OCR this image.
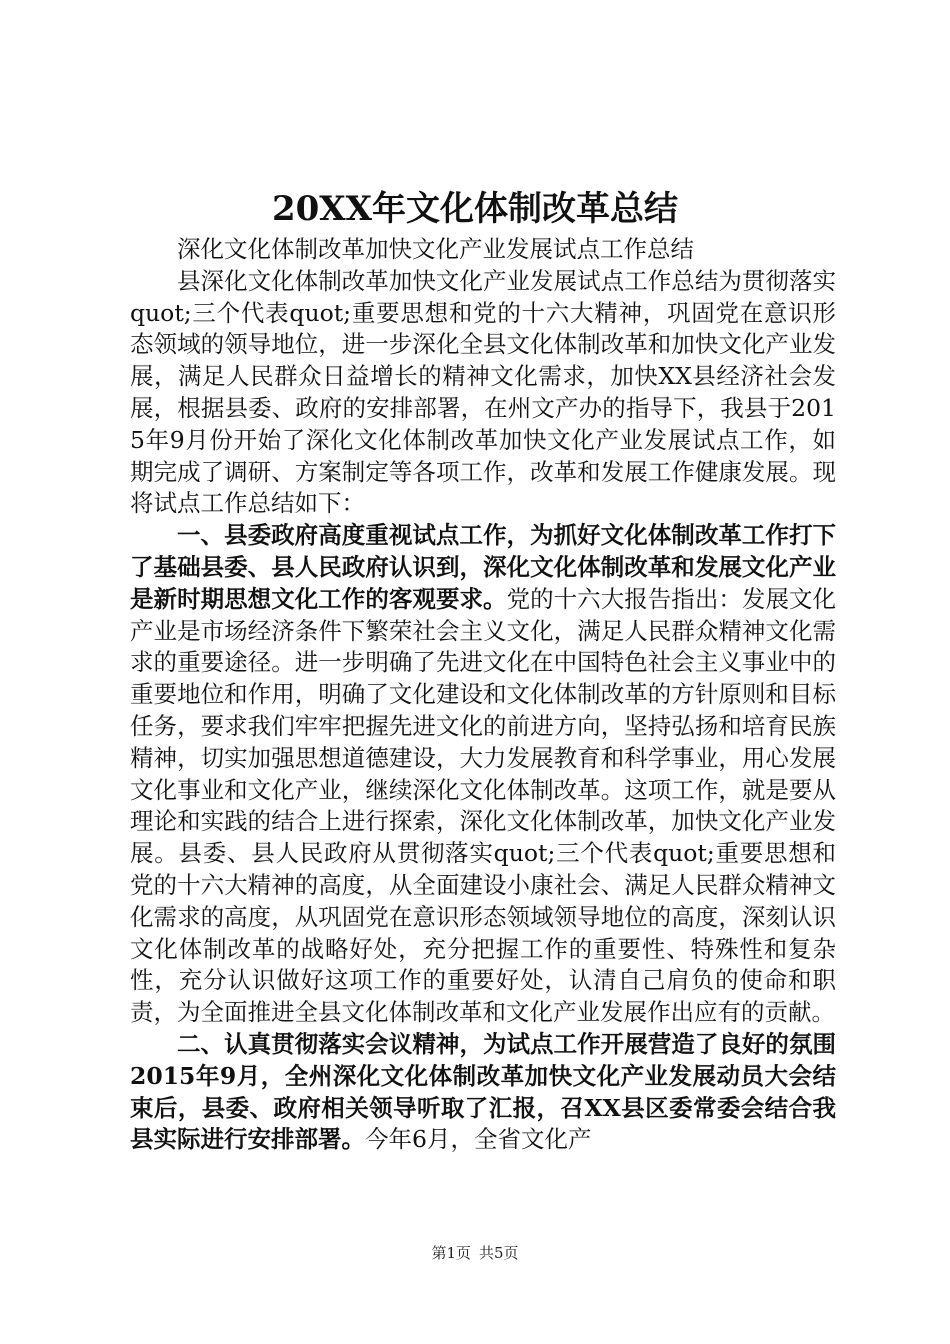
20XX年文化体制改革总结

深化文化体制改革加快文化产业发展试点工作总结

县深化文化体制改革加快文化产业发展试点工作总结为贯彻落实quot;三个代表quot;重要思想和党的十六大精神，巩固党在意识形态领域的领导地位，进一步深化全县文化体制改革和加快文化产业发展，满足人民群众日益增长的精神文化需求，加快XX县经济社会发展，根据县委、政府的安排部署，在州文产办的指导下，我县于2015年9月份开始了深化文化体制改革加快文化产业发展试点工作，如期完成了调研、方案制定等各项工作，改革和发展工作健康发展。现将试点工作总结如下：

一、县委政府高度重视试点工作，为抓好文化体制改革工作打下了基础县委、县人民政府认识到，深化文化体制改革和发展文化产业是新时期思想文化工作的客观要求。党的十六大报告指出：发展文化产业是市场经济条件下繁荣社会主义文化，满足人民群众精神文化需求的重要途径。进一步明确了先进文化在中国特色社会主义事业中的重要地位和作用，明确了文化建设和文化体制改革的方针原则和目标任务，要求我们牢牢把握先进文化的前进方向，坚持弘扬和培育民族精神，切实加强思想道德建设，大力发展教育和科学事业，用心发展文化事业和文化产业，继续深化文化体制改革。这项工作，就是要从理论和实践的结合上进行探索，深化文化体制改革，加快文化产业发展。县委、县人民政府从贯彻落实quot;三个代表quot;重要思想和党的十六大精神的高度，从全面建设小康社会、满足人民群众精神文化需求的高度，从巩固党在意识形态领域领导地位的高度，深刻认识文化体制改革的战略好处，充分把握工作的重要性、特殊性和复杂性，充分认识做好这项工作的重要好处，认清自己肩负的使命和职责，为全面推进全县文化体制改革和文化产业发展作出应有的贡献。

二、认真贯彻落实会议精神，为试点工作开展营造了良好的氛围2015年9月，全州深化文化体制改革加快文化产业发展动员大会结束后，县委、政府相关领导听取了汇报，召XX县区委常委会结合我县实际进行安排部署。今年6月，全省文化产

第1页 共5页
